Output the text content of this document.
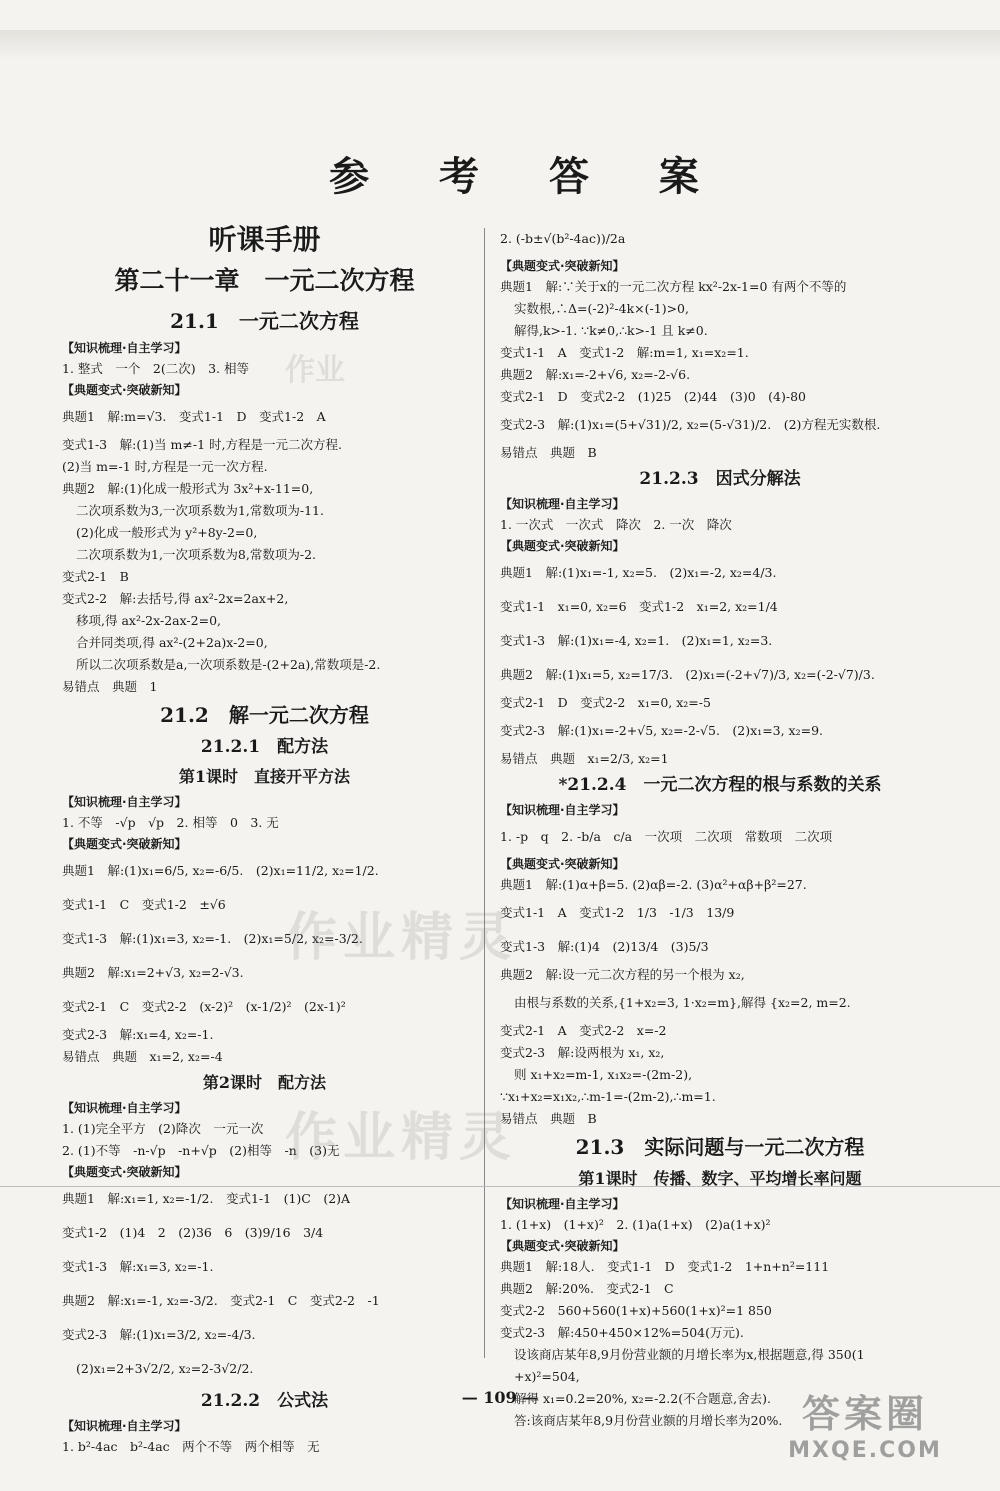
参 考 答 案
听课手册
第二十一章　一元二次方程
21.1　一元二次方程
【知识梳理·自主学习】
1. 整式　一个　2(二次)　3. 相等
【典题变式·突破新知】
典题1　解:m=√3.　变式1-1　D　变式1-2　A
变式1-3　解:(1)当 m≠-1 时,方程是一元二次方程.
(2)当 m=-1 时,方程是一元一次方程.
典题2　解:(1)化成一般形式为 3x²+x-11=0,
二次项系数为3,一次项系数为1,常数项为-11.
(2)化成一般形式为 y²+8y-2=0,
二次项系数为1,一次项系数为8,常数项为-2.
变式2-1　B
变式2-2　解:去括号,得 ax²-2x=2ax+2,
移项,得 ax²-2x-2ax-2=0,
合并同类项,得 ax²-(2+2a)x-2=0,
所以二次项系数是a,一次项系数是-(2+2a),常数项是-2.
易错点　典题　1
21.2　解一元二次方程
21.2.1　配方法
第1课时　直接开平方法
【知识梳理·自主学习】
1. 不等　-√p　√p　2. 相等　0　3. 无
【典题变式·突破新知】
典题1　解:(1)x₁=6/5, x₂=-6/5.　(2)x₁=11/2, x₂=1/2.
变式1-1　C　变式1-2　±√6
变式1-3　解:(1)x₁=3, x₂=-1.　(2)x₁=5/2, x₂=-3/2.
典题2　解:x₁=2+√3, x₂=2-√3.
变式2-1　C　变式2-2　(x-2)²　(x-1/2)²　(2x-1)²
变式2-3　解:x₁=4, x₂=-1.
易错点　典题　x₁=2, x₂=-4
第2课时　配方法
【知识梳理·自主学习】
1. (1)完全平方　(2)降次　一元一次
2. (1)不等　-n-√p　-n+√p　(2)相等　-n　(3)无
【典题变式·突破新知】
典题1　解:x₁=1, x₂=-1/2.　变式1-1　(1)C　(2)A
变式1-2　(1)4　2　(2)36　6　(3)9/16　3/4
变式1-3　解:x₁=3, x₂=-1.
典题2　解:x₁=-1, x₂=-3/2.　变式2-1　C　变式2-2　-1
变式2-3　解:(1)x₁=3/2, x₂=-4/3.
(2)x₁=2+3√2/2, x₂=2-3√2/2.
21.2.2　公式法
【知识梳理·自主学习】
1. b²-4ac　b²-4ac　两个不等　两个相等　无
2. (-b±√(b²-4ac))/2a
【典题变式·突破新知】
典题1　解:∵关于x的一元二次方程 kx²-2x-1=0 有两个不等的
实数根,∴Δ=(-2)²-4k×(-1)>0,
解得,k>-1. ∵k≠0,∴k>-1 且 k≠0.
变式1-1　A　变式1-2　解:m=1, x₁=x₂=1.
典题2　解:x₁=-2+√6, x₂=-2-√6.
变式2-1　D　变式2-2　(1)25　(2)44　(3)0　(4)-80
变式2-3　解:(1)x₁=(5+√31)/2, x₂=(5-√31)/2.　(2)方程无实数根.
易错点　典题　B
21.2.3　因式分解法
【知识梳理·自主学习】
1. 一次式　一次式　降次　2. 一次　降次
【典题变式·突破新知】
典题1　解:(1)x₁=-1, x₂=5.　(2)x₁=-2, x₂=4/3.
变式1-1　x₁=0, x₂=6　变式1-2　x₁=2, x₂=1/4
变式1-3　解:(1)x₁=-4, x₂=1.　(2)x₁=1, x₂=3.
典题2　解:(1)x₁=5, x₂=17/3.　(2)x₁=(-2+√7)/3, x₂=(-2-√7)/3.
变式2-1　D　变式2-2　x₁=0, x₂=-5
变式2-3　解:(1)x₁=-2+√5, x₂=-2-√5.　(2)x₁=3, x₂=9.
易错点　典题　x₁=2/3, x₂=1
*21.2.4　一元二次方程的根与系数的关系
【知识梳理·自主学习】
1. -p　q　2. -b/a　c/a　一次项　二次项　常数项　二次项
【典题变式·突破新知】
典题1　解:(1)α+β=5. (2)αβ=-2. (3)α²+αβ+β²=27.
变式1-1　A　变式1-2　1/3　-1/3　13/9
变式1-3　解:(1)4　(2)13/4　(3)5/3
典题2　解:设一元二次方程的另一个根为 x₂,
由根与系数的关系,{1+x₂=3, 1·x₂=m},解得 {x₂=2, m=2.
变式2-1　A　变式2-2　x=-2
变式2-3　解:设两根为 x₁, x₂,
则 x₁+x₂=m-1, x₁x₂=-(2m-2),
∵x₁+x₂=x₁x₂,∴m-1=-(2m-2),∴m=1.
易错点　典题　B
21.3　实际问题与一元二次方程
第1课时　传播、数字、平均增长率问题
【知识梳理·自主学习】
1. (1+x)　(1+x)²　2. (1)a(1+x)　(2)a(1+x)²
【典题变式·突破新知】
典题1　解:18人.　变式1-1　D　变式1-2　1+n+n²=111
典题2　解:20%.　变式2-1　C
变式2-2　560+560(1+x)+560(1+x)²=1 850
变式2-3　解:450+450×12%=504(万元).
设该商店某年8,9月份营业额的月增长率为x,根据题意,得 350(1
+x)²=504,
解得 x₁=0.2=20%, x₂=-2.2(不合题意,舍去).
答:该商店某年8,9月份营业额的月增长率为20%.
作业
作业精灵
作业精灵
— 109 —	答案圈
MXQE.COM
